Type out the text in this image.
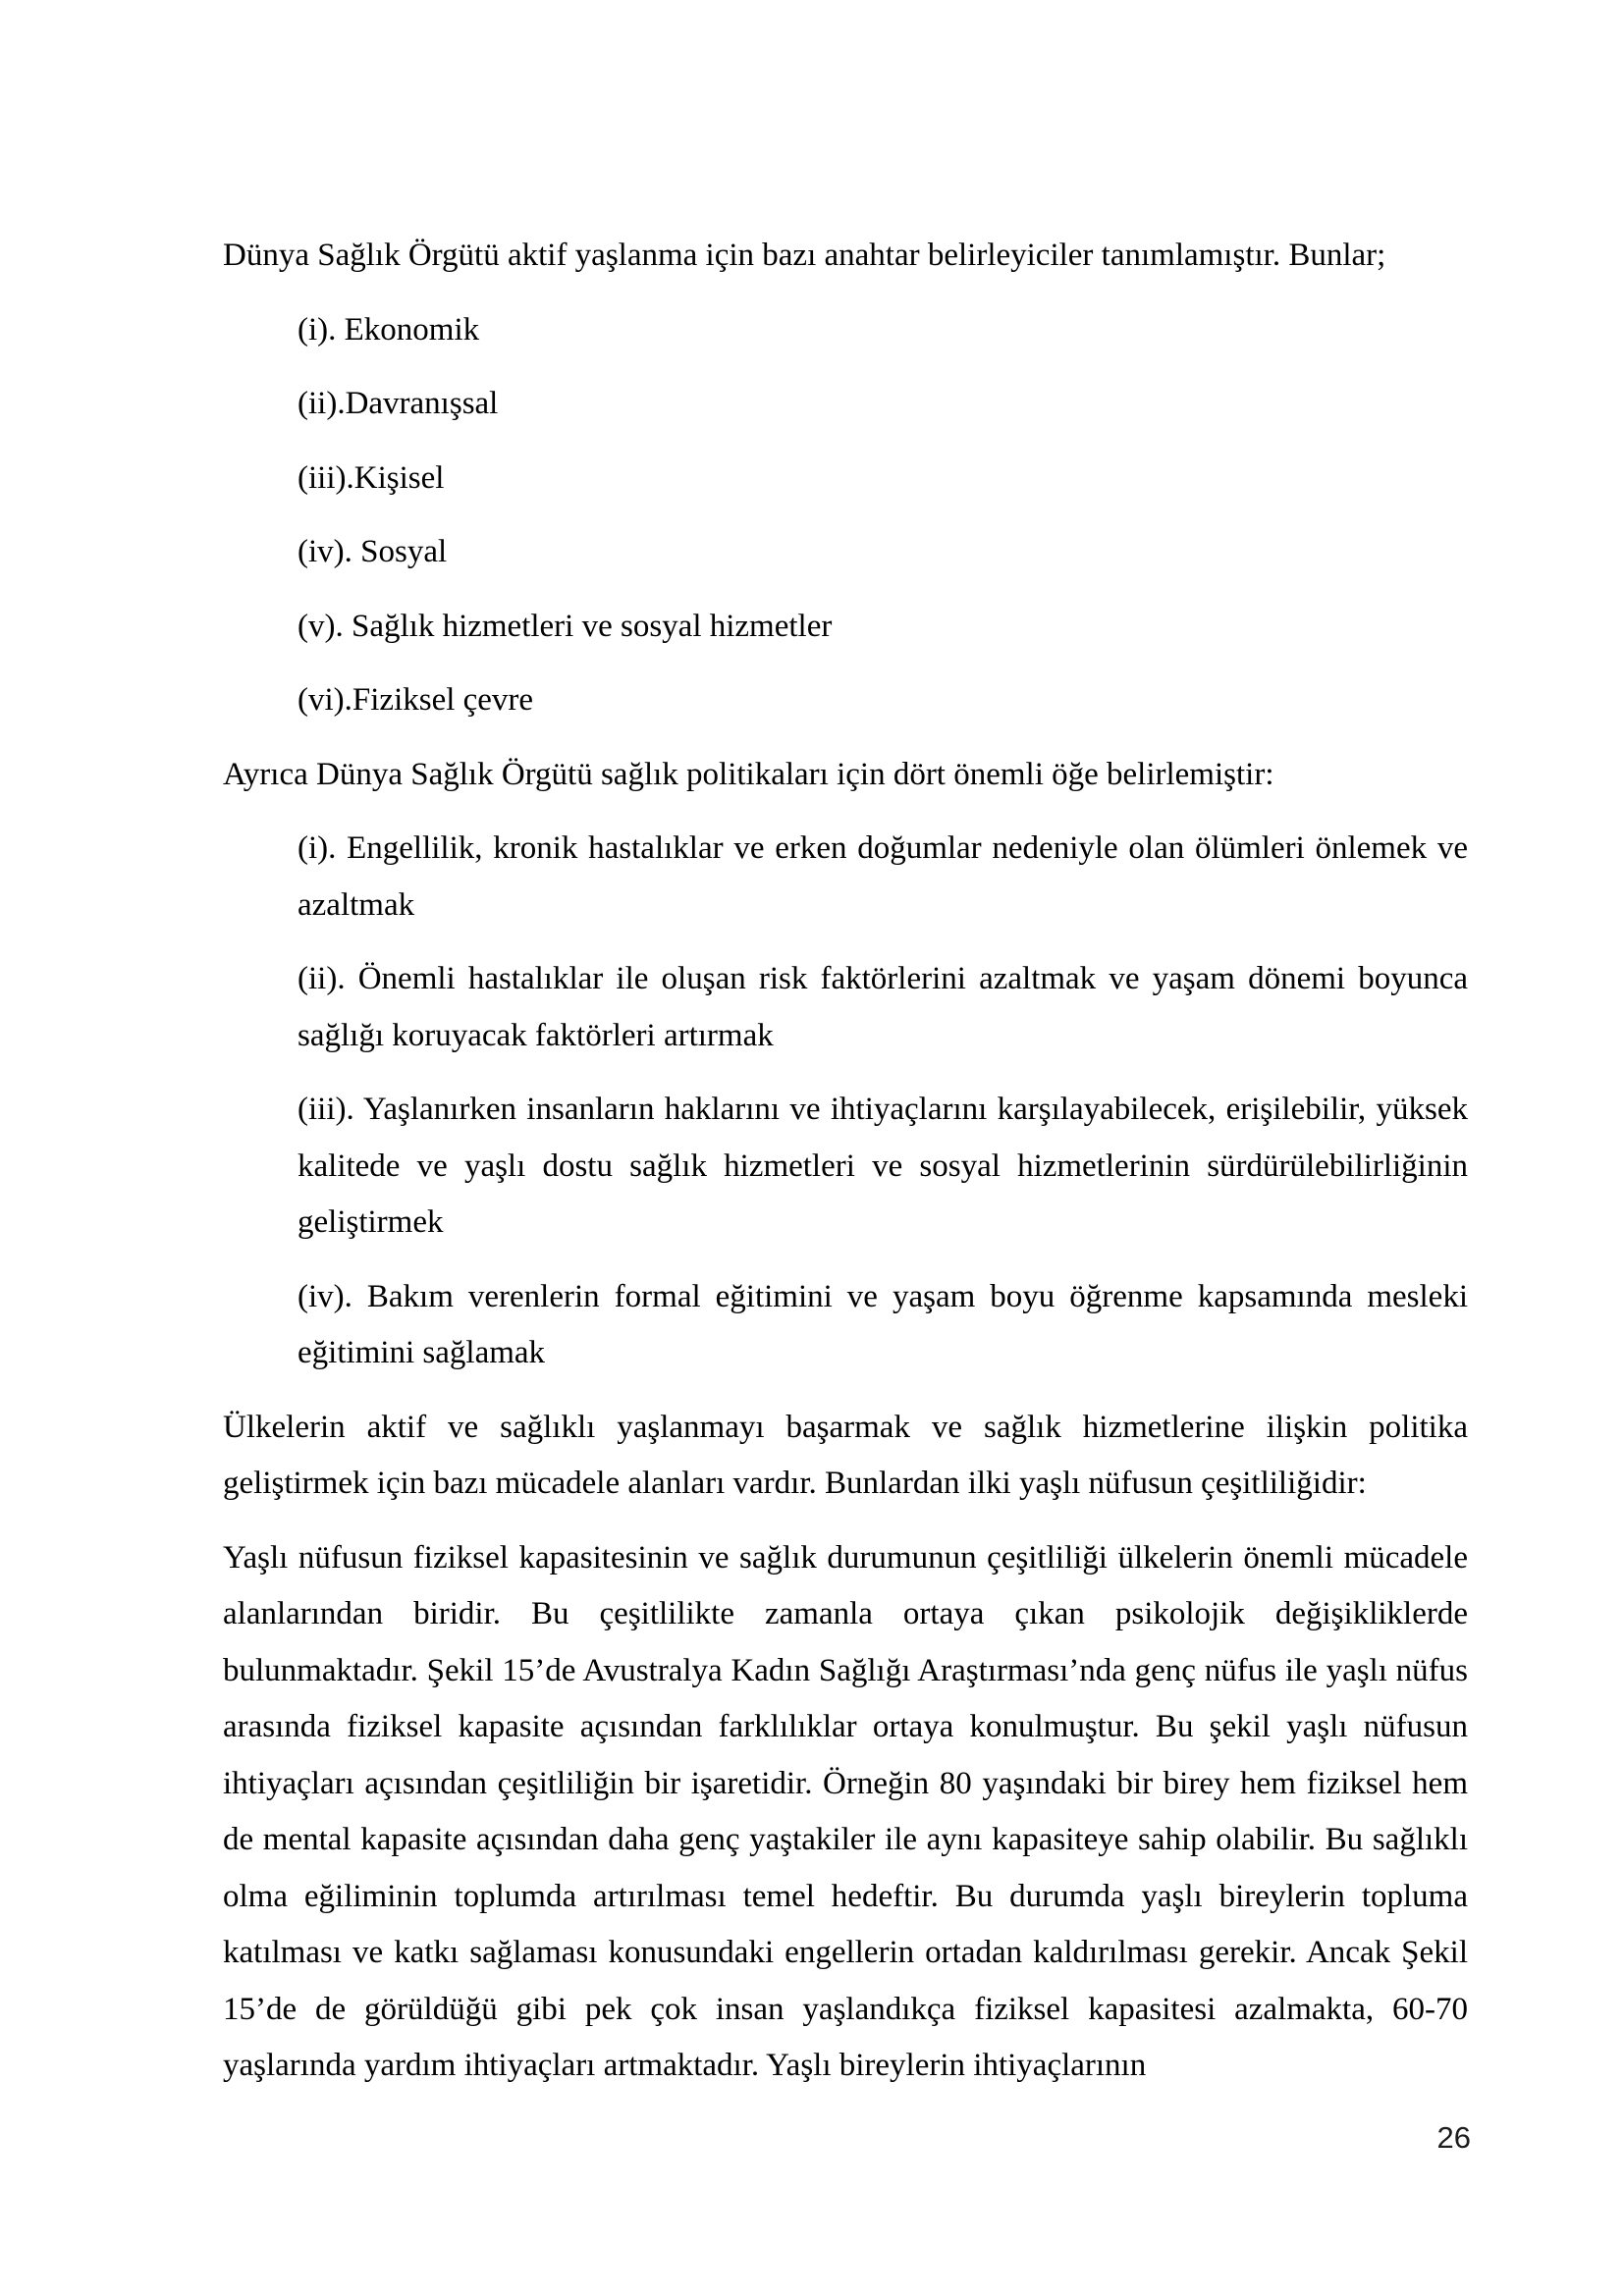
Dünya Sağlık Örgütü aktif yaşlanma için bazı anahtar belirleyiciler tanımlamıştır. Bunlar;

(i). Ekonomik

(ii).Davranışsal

(iii).Kişisel

(iv). Sosyal

(v). Sağlık hizmetleri ve sosyal hizmetler

(vi).Fiziksel çevre

Ayrıca Dünya Sağlık Örgütü sağlık politikaları için dört önemli öğe belirlemiştir:

(i). Engellilik, kronik hastalıklar ve erken doğumlar nedeniyle olan ölümleri önlemek ve azaltmak

(ii). Önemli hastalıklar ile oluşan risk faktörlerini azaltmak ve yaşam dönemi boyunca sağlığı koruyacak faktörleri artırmak

(iii). Yaşlanırken insanların haklarını ve ihtiyaçlarını karşılayabilecek, erişilebilir, yüksek kalitede ve yaşlı dostu sağlık hizmetleri ve sosyal hizmetlerinin sürdürülebilirliğinin geliştirmek

(iv). Bakım verenlerin formal eğitimini ve yaşam boyu öğrenme kapsamında mesleki eğitimini sağlamak

Ülkelerin aktif ve sağlıklı yaşlanmayı başarmak ve sağlık hizmetlerine ilişkin politika geliştirmek için bazı mücadele alanları vardır. Bunlardan ilki yaşlı nüfusun çeşitliliğidir:

Yaşlı nüfusun fiziksel kapasitesinin ve sağlık durumunun çeşitliliği ülkelerin önemli mücadele alanlarından biridir. Bu çeşitlilikte zamanla ortaya çıkan psikolojik değişikliklerde bulunmaktadır. Şekil 15’de Avustralya Kadın Sağlığı Araştırması’nda genç nüfus ile yaşlı nüfus arasında fiziksel kapasite açısından farklılıklar ortaya konulmuştur. Bu şekil yaşlı nüfusun ihtiyaçları açısından çeşitliliğin bir işaretidir. Örneğin 80 yaşındaki bir birey hem fiziksel hem de mental kapasite açısından daha genç yaştakiler ile aynı kapasiteye sahip olabilir. Bu sağlıklı olma eğiliminin toplumda artırılması temel hedeftir. Bu durumda yaşlı bireylerin topluma katılması ve katkı sağlaması konusundaki engellerin ortadan kaldırılması gerekir. Ancak Şekil 15’de de görüldüğü gibi pek çok insan yaşlandıkça fiziksel kapasitesi azalmakta, 60-70 yaşlarında yardım ihtiyaçları artmaktadır. Yaşlı bireylerin ihtiyaçlarının

26
